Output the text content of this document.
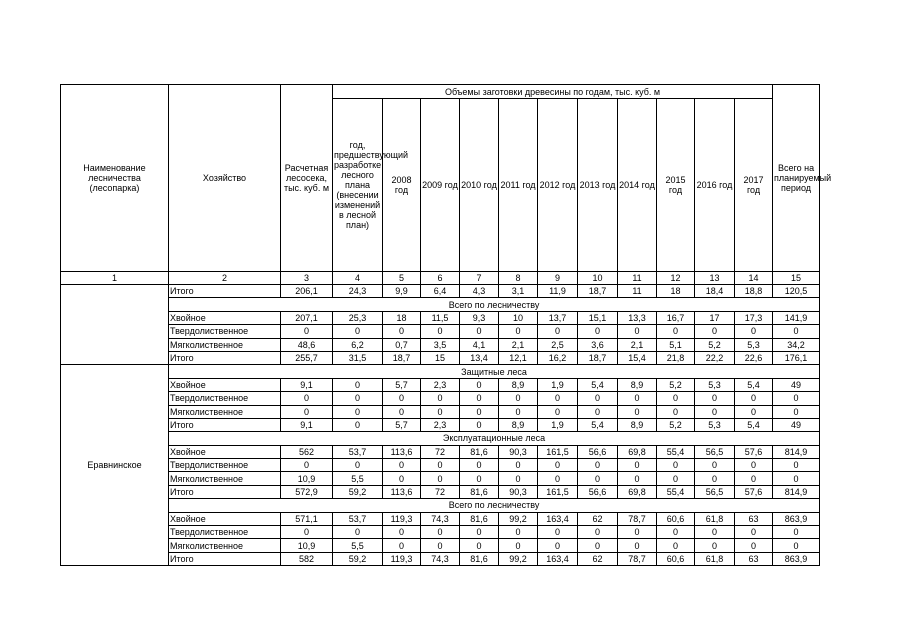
Наименование лесничества (лесопарка)	Хозяйство	Расчетная лесосека, тыс. куб. м	Объемы заготовки древесины по годам, тыс. куб. м											Всего на планируемый период
			год, предшествующий разработке лесного плана (внесении изменений в лесной план)	2008 год	2009 год	2010 год	2011 год	2012 год	2013 год	2014 год	2015 год	2016 год	2017 год	
1	2	3	4	5	6	7	8	9	10	11	12	13	14	15
	Итого	206,1	24,3	9,9	6,4	4,3	3,1	11,9	18,7	11	18	18,4	18,8	120,5
	Всего по лесничеству													
	Хвойное	207,1	25,3	18	11,5	9,3	10	13,7	15,1	13,3	16,7	17	17,3	141,9
	Твердолиственное	0	0	0	0	0	0	0	0	0	0	0	0	0
	Мягколиственное	48,6	6,2	0,7	3,5	4,1	2,1	2,5	3,6	2,1	5,1	5,2	5,3	34,2
	Итого	255,7	31,5	18,7	15	13,4	12,1	16,2	18,7	15,4	21,8	22,2	22,6	176,1
Еравнинское	Защитные леса													
	Хвойное	9,1	0	5,7	2,3	0	8,9	1,9	5,4	8,9	5,2	5,3	5,4	49
	Твердолиственное	0	0	0	0	0	0	0	0	0	0	0	0	0
	Мягколиственное	0	0	0	0	0	0	0	0	0	0	0	0	0
	Итого	9,1	0	5,7	2,3	0	8,9	1,9	5,4	8,9	5,2	5,3	5,4	49
	Эксплуатационные леса													
	Хвойное	562	53,7	113,6	72	81,6	90,3	161,5	56,6	69,8	55,4	56,5	57,6	814,9
	Твердолиственное	0	0	0	0	0	0	0	0	0	0	0	0	0
	Мягколиственное	10,9	5,5	0	0	0	0	0	0	0	0	0	0	0
	Итого	572,9	59,2	113,6	72	81,6	90,3	161,5	56,6	69,8	55,4	56,5	57,6	814,9
	Всего по лесничеству													
	Хвойное	571,1	53,7	119,3	74,3	81,6	99,2	163,4	62	78,7	60,6	61,8	63	863,9
	Твердолиственное	0	0	0	0	0	0	0	0	0	0	0	0	0
	Мягколиственное	10,9	5,5	0	0	0	0	0	0	0	0	0	0	0
	Итого	582	59,2	119,3	74,3	81,6	99,2	163,4	62	78,7	60,6	61,8	63	863,9
